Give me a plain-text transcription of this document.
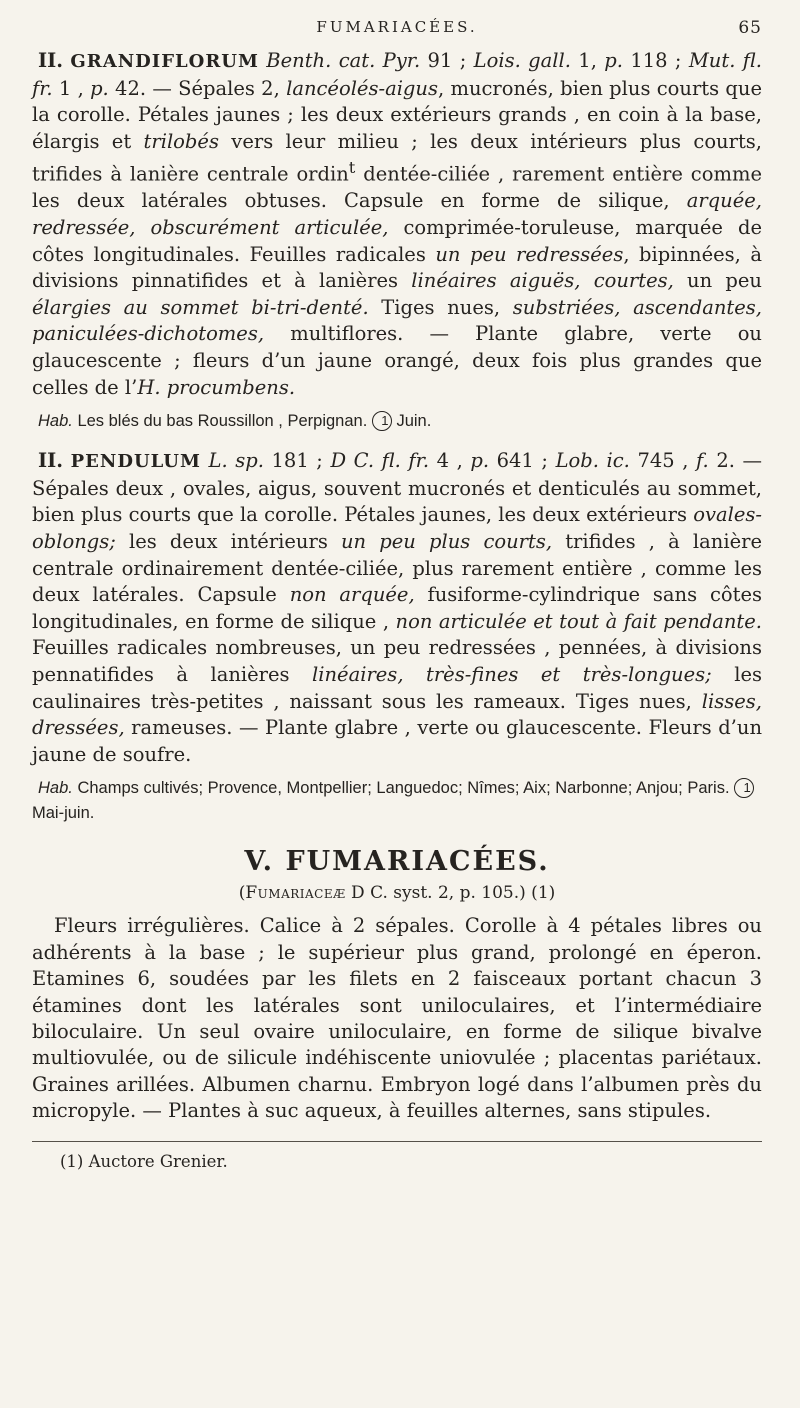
FUMARIACÉES.	65

II. GRANDIFLORUM Benth. cat. Pyr. 91 ; Lois. gall. 1, p. 118 ; Mut. fl. fr. 1 , p. 42. — Sépales 2, lancéolés-aigus, mucronés, bien plus courts que la corolle. Pétales jaunes ; les deux extérieurs grands , en coin à la base, élargis et trilobés vers leur milieu ; les deux intérieurs plus courts, trifides à lanière centrale ordin$^t$ dentée-ciliée , rarement entière comme les deux latérales obtuses. Capsule en forme de silique, arquée, redressée, obscurément articulée, comprimée-toruleuse, marquée de côtes longitudinales. Feuilles radicales un peu redressées, bipinnées, à divisions pinnatifides et à lanières linéaires aiguës, courtes, un peu élargies au sommet bi-tri-denté. Tiges nues, substriées, ascendantes, paniculées-dichotomes, multiflores. — Plante glabre, verte ou glaucescente ; fleurs d’un jaune orangé, deux fois plus grandes que celles de l’H. procumbens.

Hab. Les blés du bas Roussillon , Perpignan. 1 Juin.

II. PENDULUM L. sp. 181 ; D C. fl. fr. 4 , p. 641 ; Lob. ic. 745 , f. 2. — Sépales deux , ovales, aigus, souvent mucronés et denticulés au sommet, bien plus courts que la corolle. Pétales jaunes, les deux extérieurs ovales-oblongs; les deux intérieurs un peu plus courts, trifides , à lanière centrale ordinairement dentée-ciliée, plus rarement entière , comme les deux latérales. Capsule non arquée, fusiforme-cylindrique sans côtes longitudinales, en forme de silique , non articulée et tout à fait pendante. Feuilles radicales nombreuses, un peu redressées , pennées, à divisions pennatifides à lanières linéaires, très-fines et très-longues; les caulinaires très-petites , naissant sous les rameaux. Tiges nues, lisses, dressées, rameuses. — Plante glabre , verte ou glaucescente. Fleurs d’un jaune de soufre.

Hab. Champs cultivés; Provence, Montpellier; Languedoc; Nîmes; Aix; Narbonne; Anjou; Paris. 1 Mai-juin.
V. FUMARIACÉES.
(Fumariaceæ D C. syst. 2, p. 105.) (1)

Fleurs irrégulières. Calice à 2 sépales. Corolle à 4 pétales libres ou adhérents à la base ; le supérieur plus grand, prolongé en éperon. Etamines 6, soudées par les filets en 2 faisceaux portant chacun 3 étamines dont les latérales sont uniloculaires, et l’intermédiaire biloculaire. Un seul ovaire uniloculaire, en forme de silique bivalve multiovulée, ou de silicule indéhiscente uniovulée ; placentas pariétaux. Graines arillées. Albumen charnu. Embryon logé dans l’albumen près du micropyle. — Plantes à suc aqueux, à feuilles alternes, sans stipules.

(1) Auctore Grenier.
